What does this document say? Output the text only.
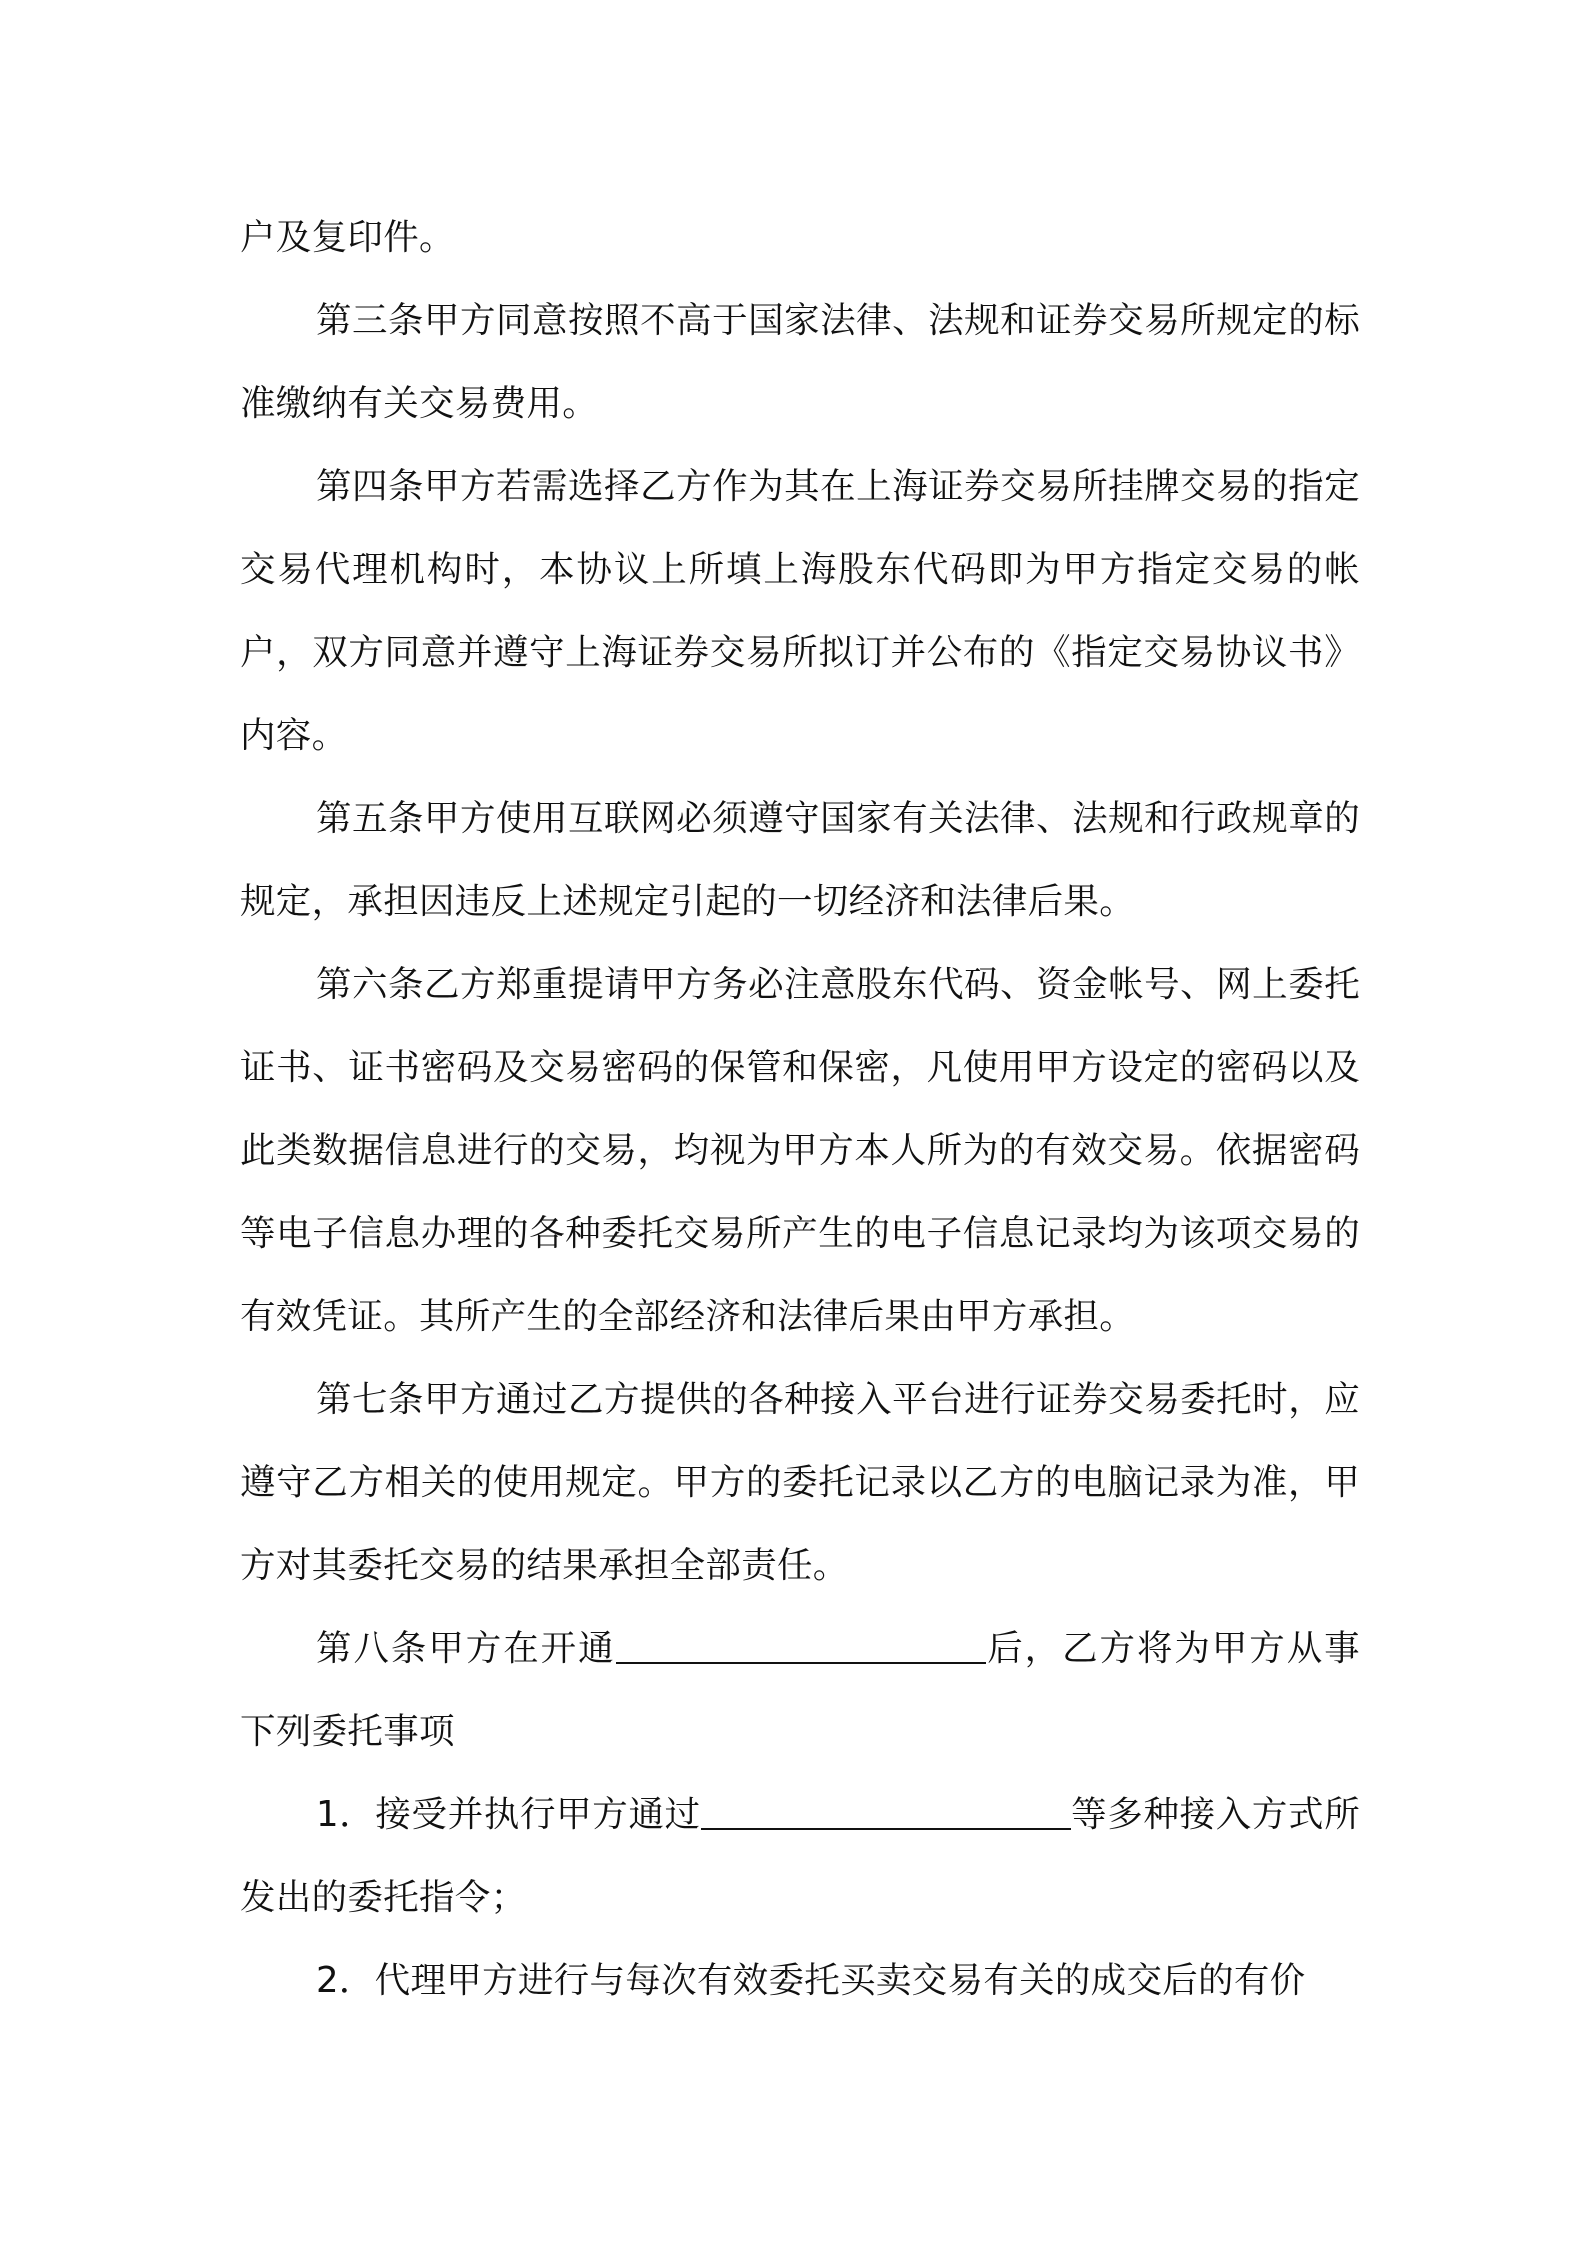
户及复印件。

第三条甲方同意按照不高于国家法律、法规和证券交易所规定的标准缴纳有关交易费用。

第四条甲方若需选择乙方作为其在上海证券交易所挂牌交易的指定交易代理机构时，本协议上所填上海股东代码即为甲方指定交易的帐户，双方同意并遵守上海证券交易所拟订并公布的《指定交易协议书》内容。

第五条甲方使用互联网必须遵守国家有关法律、法规和行政规章的规定，承担因违反上述规定引起的一切经济和法律后果。

第六条乙方郑重提请甲方务必注意股东代码、资金帐号、网上委托证书、证书密码及交易密码的保管和保密，凡使用甲方设定的密码以及此类数据信息进行的交易，均视为甲方本人所为的有效交易。依据密码等电子信息办理的各种委托交易所产生的电子信息记录均为该项交易的有效凭证。其所产生的全部经济和法律后果由甲方承担。

第七条甲方通过乙方提供的各种接入平台进行证券交易委托时，应遵守乙方相关的使用规定。甲方的委托记录以乙方的电脑记录为准，甲方对其委托交易的结果承担全部责任。

第八条甲方在开通	后，乙方将为甲方从事下列委托事项

1．接受并执行甲方通过	等多种接入方式所发出的委托指令；

2．代理甲方进行与每次有效委托买卖交易有关的成交后的有价
